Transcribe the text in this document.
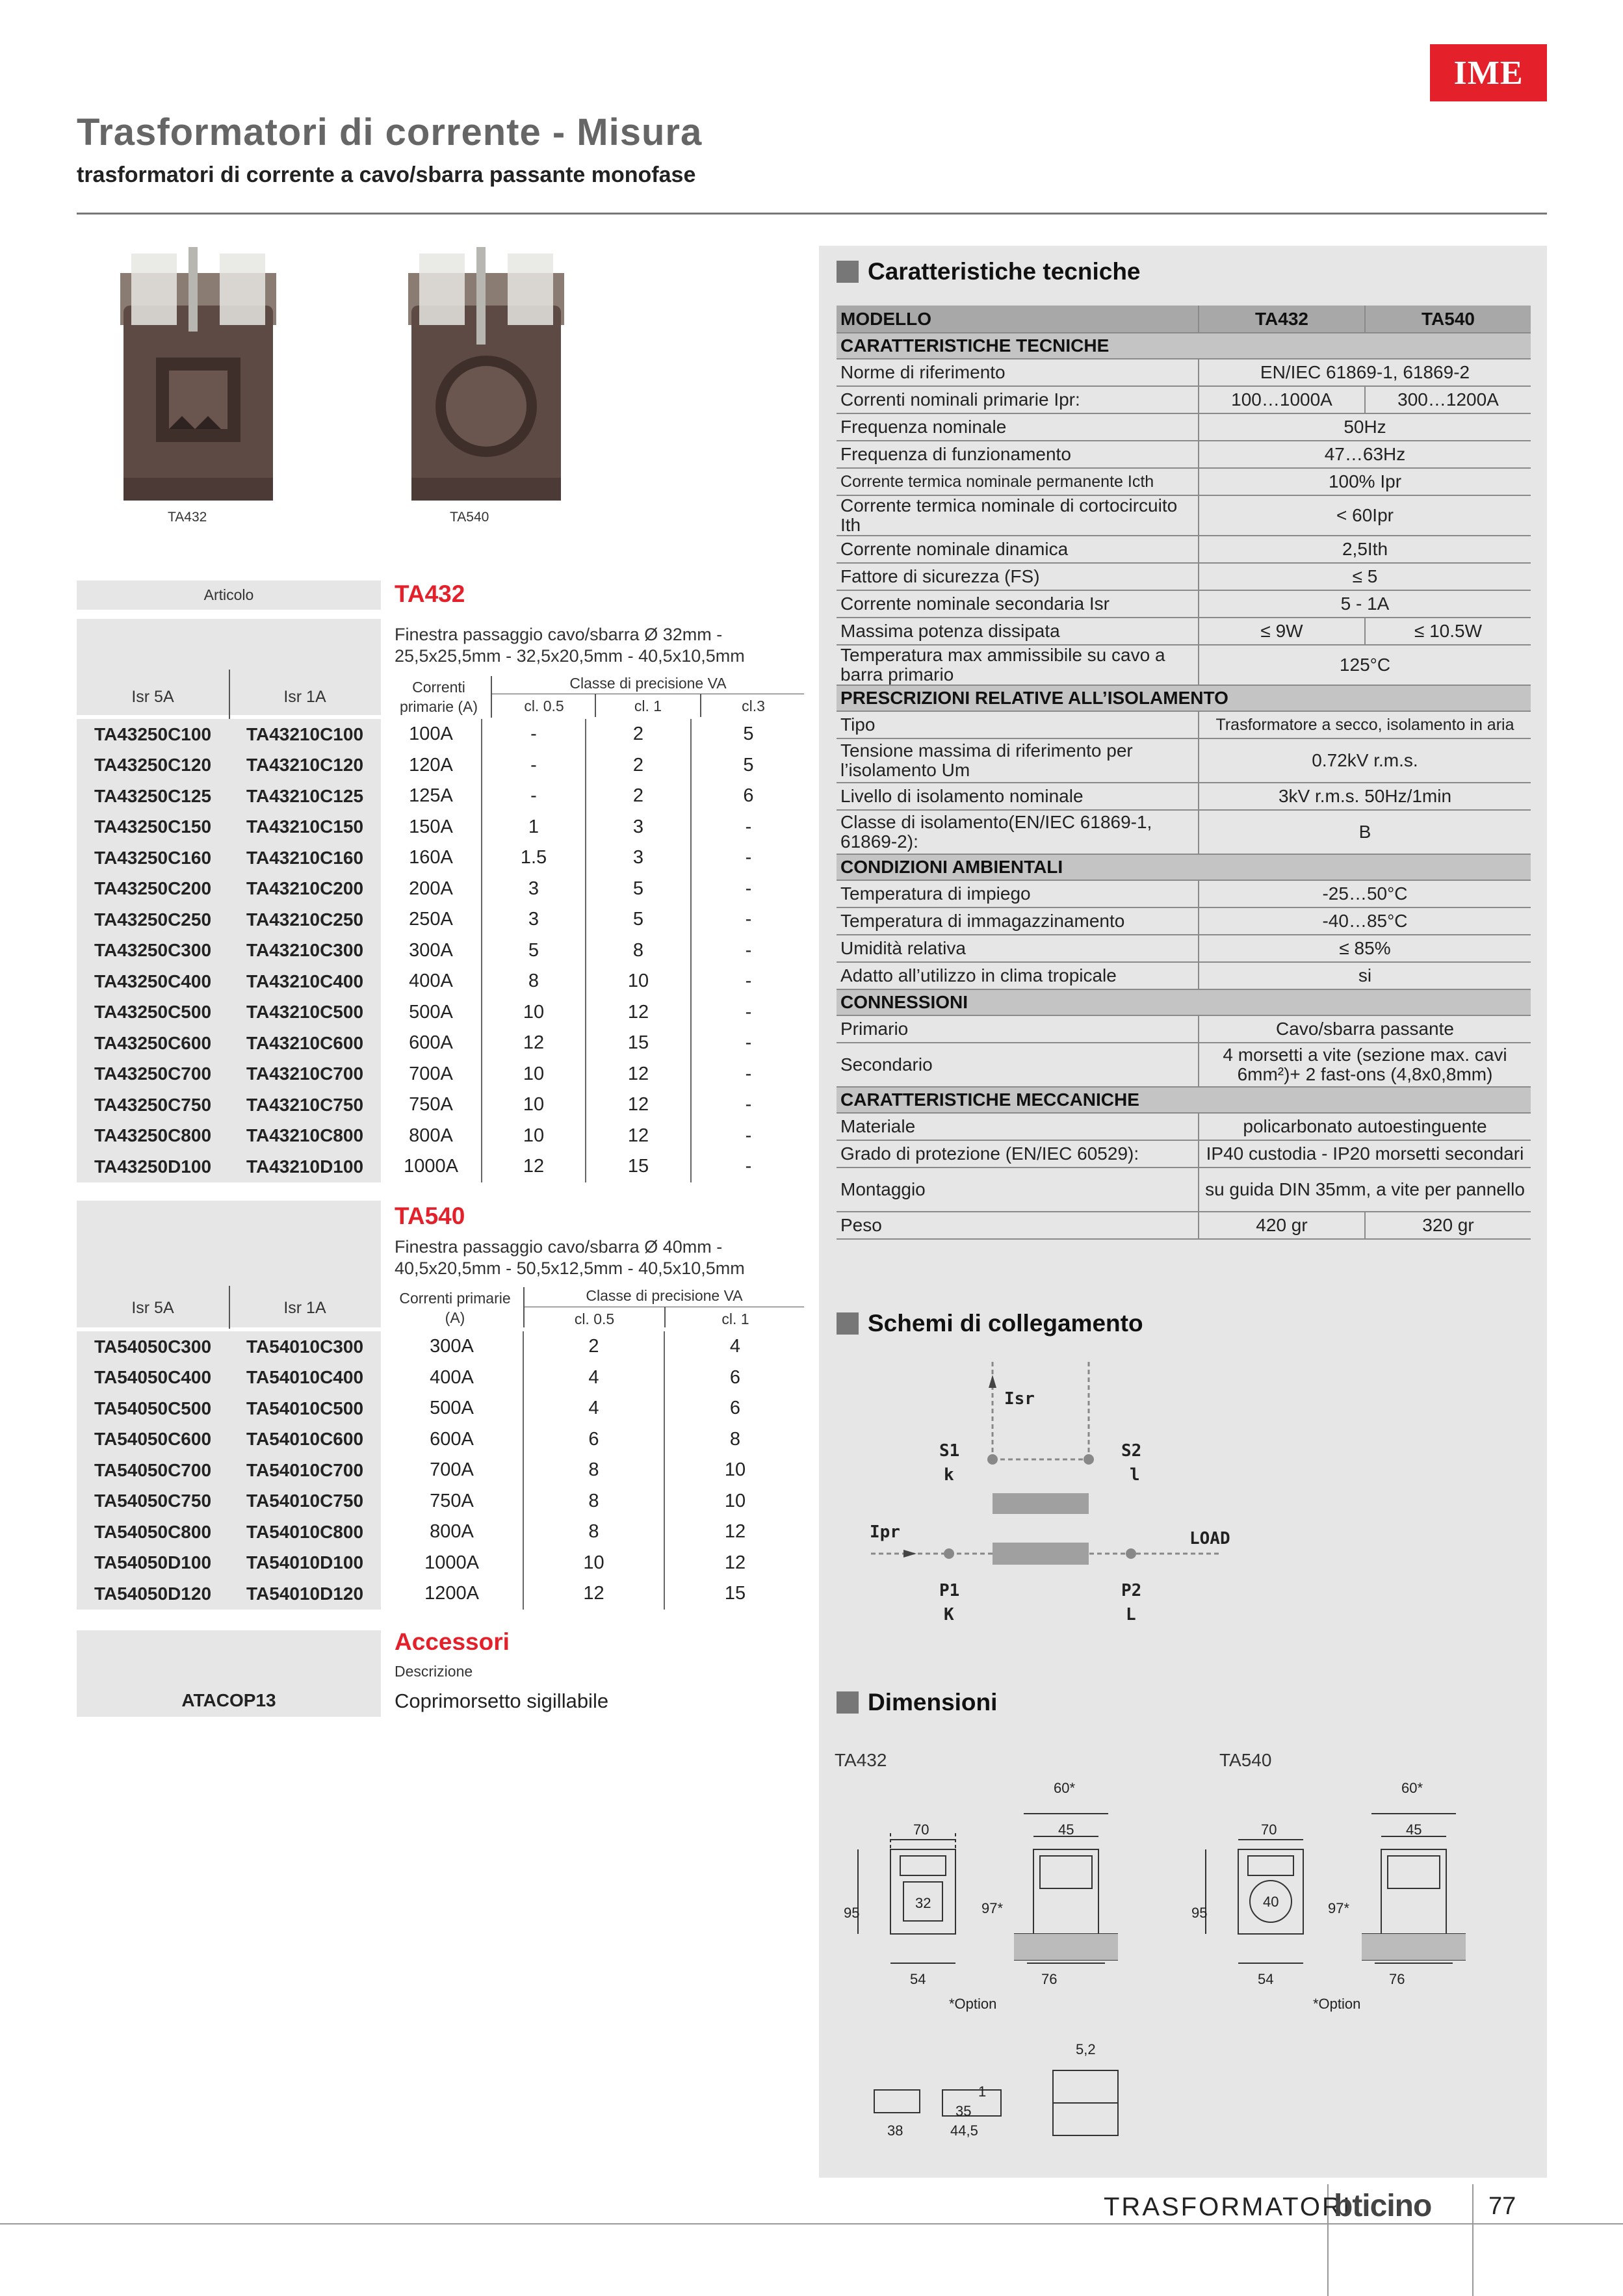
IME
Trasformatori di corrente - Misura
trasformatori di corrente a cavo/sbarra passante monofase
TA432	TA540
Articolo	TA432
Finestra passaggio cavo/sbarra Ø 32mm - 25,5x25,5mm - 32,5x20,5mm - 40,5x10,5mm
Isr 5A	Isr 1A
Correnti primarie (A)
Classe di precisione VA
cl. 0.5	cl. 1	cl.3
TA43250C100	TA43210C100	100A	-	2	5
TA43250C120	TA43210C120	120A	-	2	5
TA43250C125	TA43210C125	125A	-	2	6
TA43250C150	TA43210C150	150A	1	3	-
TA43250C160	TA43210C160	160A	1.5	3	-
TA43250C200	TA43210C200	200A	3	5	-
TA43250C250	TA43210C250	250A	3	5	-
TA43250C300	TA43210C300	300A	5	8	-
TA43250C400	TA43210C400	400A	8	10	-
TA43250C500	TA43210C500	500A	10	12	-
TA43250C600	TA43210C600	600A	12	15	-
TA43250C700	TA43210C700	700A	10	12	-
TA43250C750	TA43210C750	750A	10	12	-
TA43250C800	TA43210C800	800A	10	12	-
TA43250D100	TA43210D100	1000A	12	15	-
TA540
Finestra passaggio cavo/sbarra Ø 40mm - 40,5x20,5mm - 50,5x12,5mm - 40,5x10,5mm
Isr 5A	Isr 1A
Correnti primarie (A)
Classe di precisione VA
cl. 0.5	cl. 1
TA54050C300	TA54010C300	300A	2	4
TA54050C400	TA54010C400	400A	4	6
TA54050C500	TA54010C500	500A	4	6
TA54050C600	TA54010C600	600A	6	8
TA54050C700	TA54010C700	700A	8	10
TA54050C750	TA54010C750	750A	8	10
TA54050C800	TA54010C800	800A	8	12
TA54050D100	TA54010D100	1000A	10	12
TA54050D120	TA54010D120	1200A	12	15
Accessori
Descrizione
ATACOP13	Coprimorsetto sigillabile
Caratteristiche tecniche
MODELLO	TA432	TA540
CARATTERISTICHE TECNICHE		
Norme di riferimento	EN/IEC 61869-1, 61869-2	
Correnti nominali primarie Ipr:	100…1000A	300…1200A
Frequenza nominale	50Hz	
Frequenza di funzionamento	47…63Hz	
Corrente termica nominale permanente Icth	100% Ipr	
Corrente termica nominale di cortocircuito Ith	< 60Ipr	
Corrente nominale dinamica	2,5Ith	
Fattore di sicurezza (FS)	≤ 5	
Corrente nominale secondaria Isr	5 - 1A	
Massima potenza dissipata	≤ 9W	≤ 10.5W
Temperatura max ammissibile su cavo a barra primario	125°C	
PRESCRIZIONI RELATIVE ALL’ISOLAMENTO		
Tipo	Trasformatore a secco, isolamento in aria	
Tensione massima di riferimento per l’isolamento Um	0.72kV r.m.s.	
Livello di isolamento nominale	3kV r.m.s. 50Hz/1min	
Classe di isolamento(EN/IEC 61869-1, 61869-2):	B	
CONDIZIONI AMBIENTALI		
Temperatura di impiego	-25…50°C	
Temperatura di immagazzinamento	-40…85°C	
Umidità relativa	≤ 85%	
Adatto all’utilizzo in clima tropicale	si	
CONNESSIONI		
Primario	Cavo/sbarra passante	
Secondario	4 morsetti a vite (sezione max. cavi 6mm²)+ 2 fast-ons (4,8x0,8mm)	
CARATTERISTICHE MECCANICHE		
Materiale	policarbonato autoestinguente	
Grado di protezione (EN/IEC 60529):	IP40 custodia - IP20 morsetti secondari	
Montaggio	su guida DIN 35mm, a vite per pannello	
Peso	420 gr	320 gr
Schemi di collegamento
Isr
S1
k
S2
l
Ipr	LOAD
P1
K
P2
L
Dimensioni
TA432	TA540
70
60*
45
95	97*
32
54	76
*Option
70
60*
45
95	97*
40
54	76
*Option
5,2
38
35
44,5
1
TRASFORMATORI
bticino 77
